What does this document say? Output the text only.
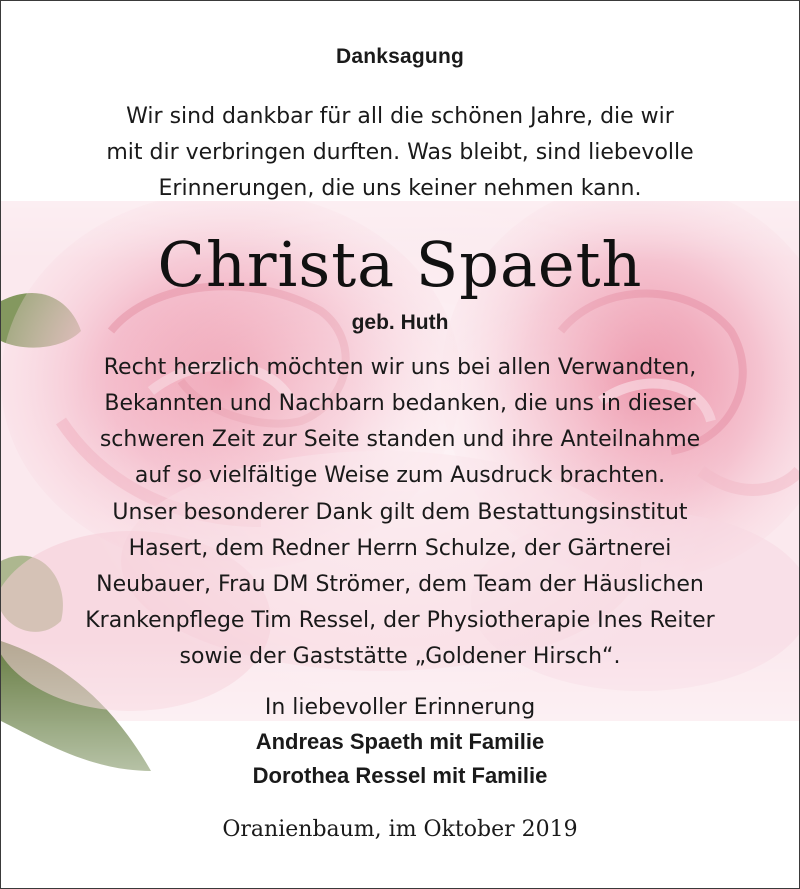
Danksagung
Wir sind dankbar für all die schönen Jahre, die wir
mit dir verbringen durften. Was bleibt, sind liebevolle
Erinnerungen, die uns keiner nehmen kann.
Christa Spaeth
geb. Huth
Recht herzlich möchten wir uns bei allen Verwandten,
Bekannten und Nachbarn bedanken, die uns in dieser
schweren Zeit zur Seite standen und ihre Anteilnahme
auf so vielfältige Weise zum Ausdruck brachten.
Unser besonderer Dank gilt dem Bestattungsinstitut
Hasert, dem Redner Herrn Schulze, der Gärtnerei
Neubauer, Frau DM Strömer, dem Team der Häuslichen
Krankenpflege Tim Ressel, der Physiotherapie Ines Reiter
sowie der Gaststätte „Goldener Hirsch“.
In liebevoller Erinnerung
Andreas Spaeth mit Familie
Dorothea Ressel mit Familie
Oranienbaum, im Oktober 2019
